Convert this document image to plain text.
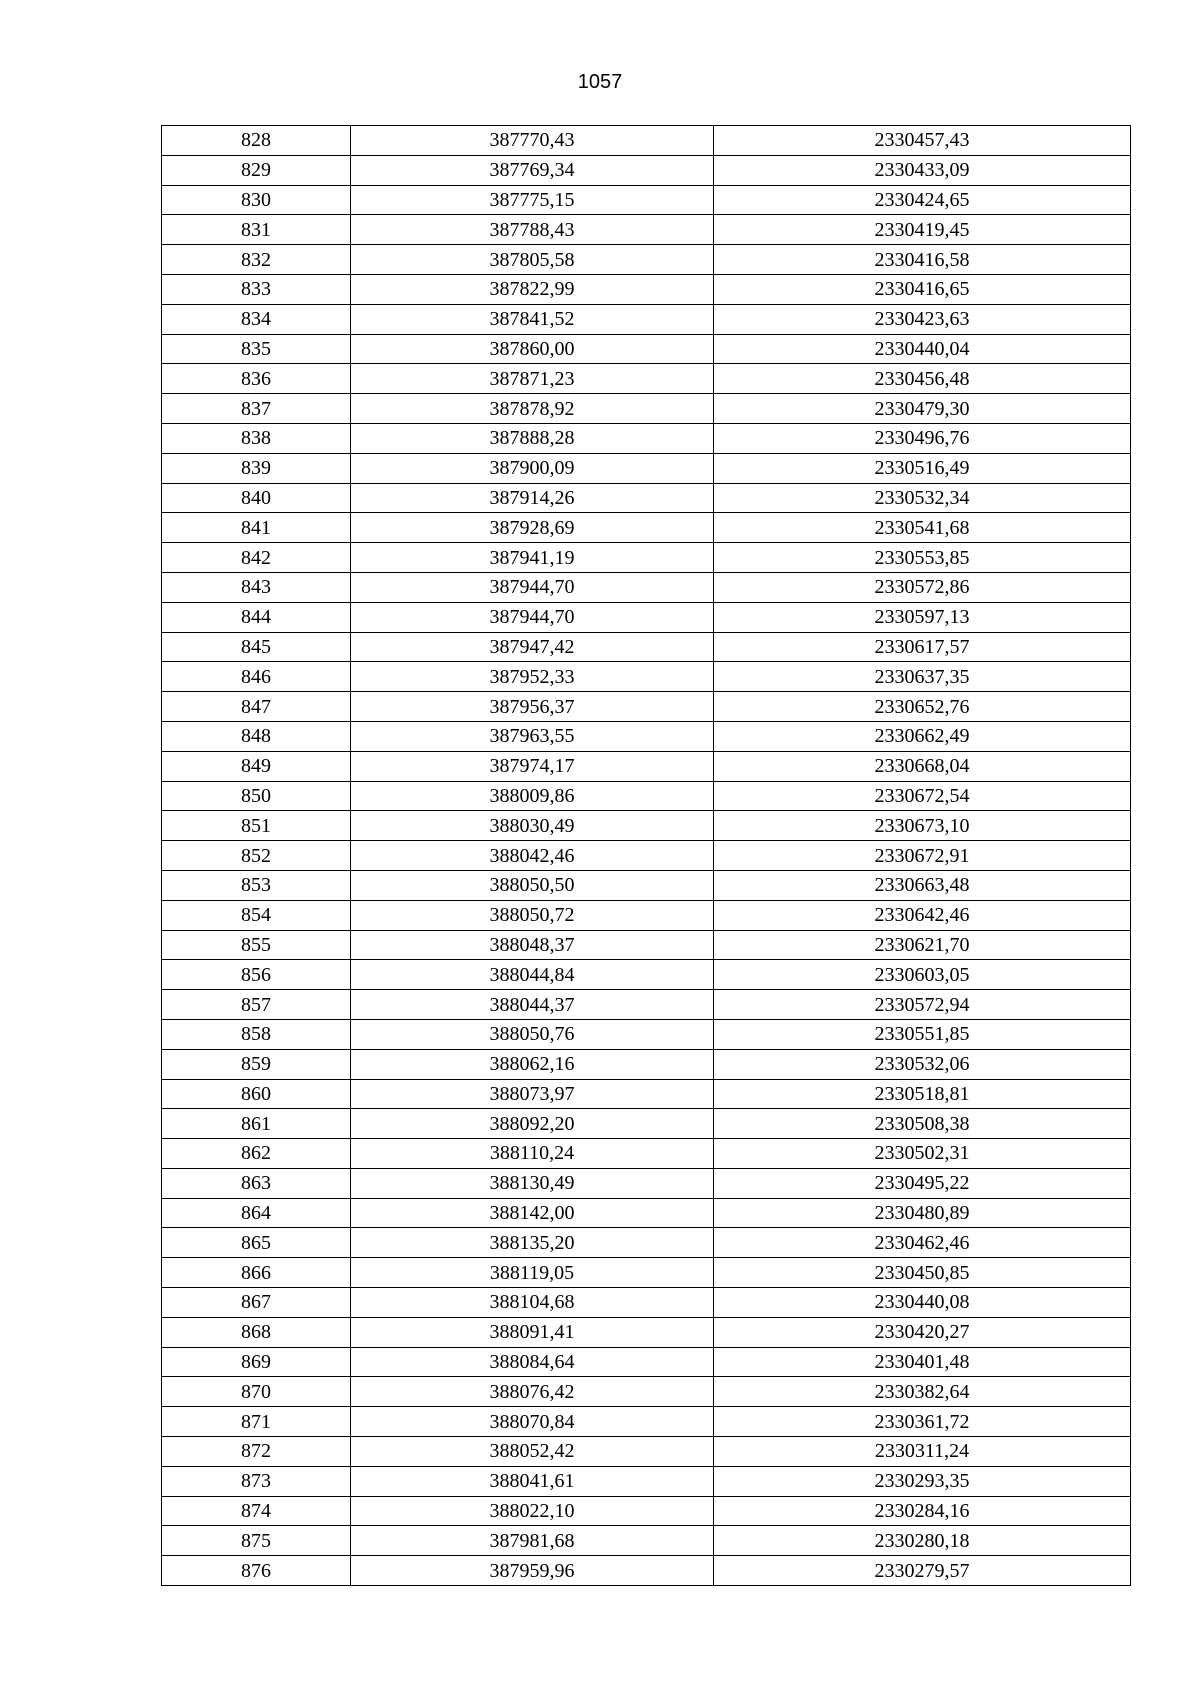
1057
828	387770,43	2330457,43
829	387769,34	2330433,09
830	387775,15	2330424,65
831	387788,43	2330419,45
832	387805,58	2330416,58
833	387822,99	2330416,65
834	387841,52	2330423,63
835	387860,00	2330440,04
836	387871,23	2330456,48
837	387878,92	2330479,30
838	387888,28	2330496,76
839	387900,09	2330516,49
840	387914,26	2330532,34
841	387928,69	2330541,68
842	387941,19	2330553,85
843	387944,70	2330572,86
844	387944,70	2330597,13
845	387947,42	2330617,57
846	387952,33	2330637,35
847	387956,37	2330652,76
848	387963,55	2330662,49
849	387974,17	2330668,04
850	388009,86	2330672,54
851	388030,49	2330673,10
852	388042,46	2330672,91
853	388050,50	2330663,48
854	388050,72	2330642,46
855	388048,37	2330621,70
856	388044,84	2330603,05
857	388044,37	2330572,94
858	388050,76	2330551,85
859	388062,16	2330532,06
860	388073,97	2330518,81
861	388092,20	2330508,38
862	388110,24	2330502,31
863	388130,49	2330495,22
864	388142,00	2330480,89
865	388135,20	2330462,46
866	388119,05	2330450,85
867	388104,68	2330440,08
868	388091,41	2330420,27
869	388084,64	2330401,48
870	388076,42	2330382,64
871	388070,84	2330361,72
872	388052,42	2330311,24
873	388041,61	2330293,35
874	388022,10	2330284,16
875	387981,68	2330280,18
876	387959,96	2330279,57
